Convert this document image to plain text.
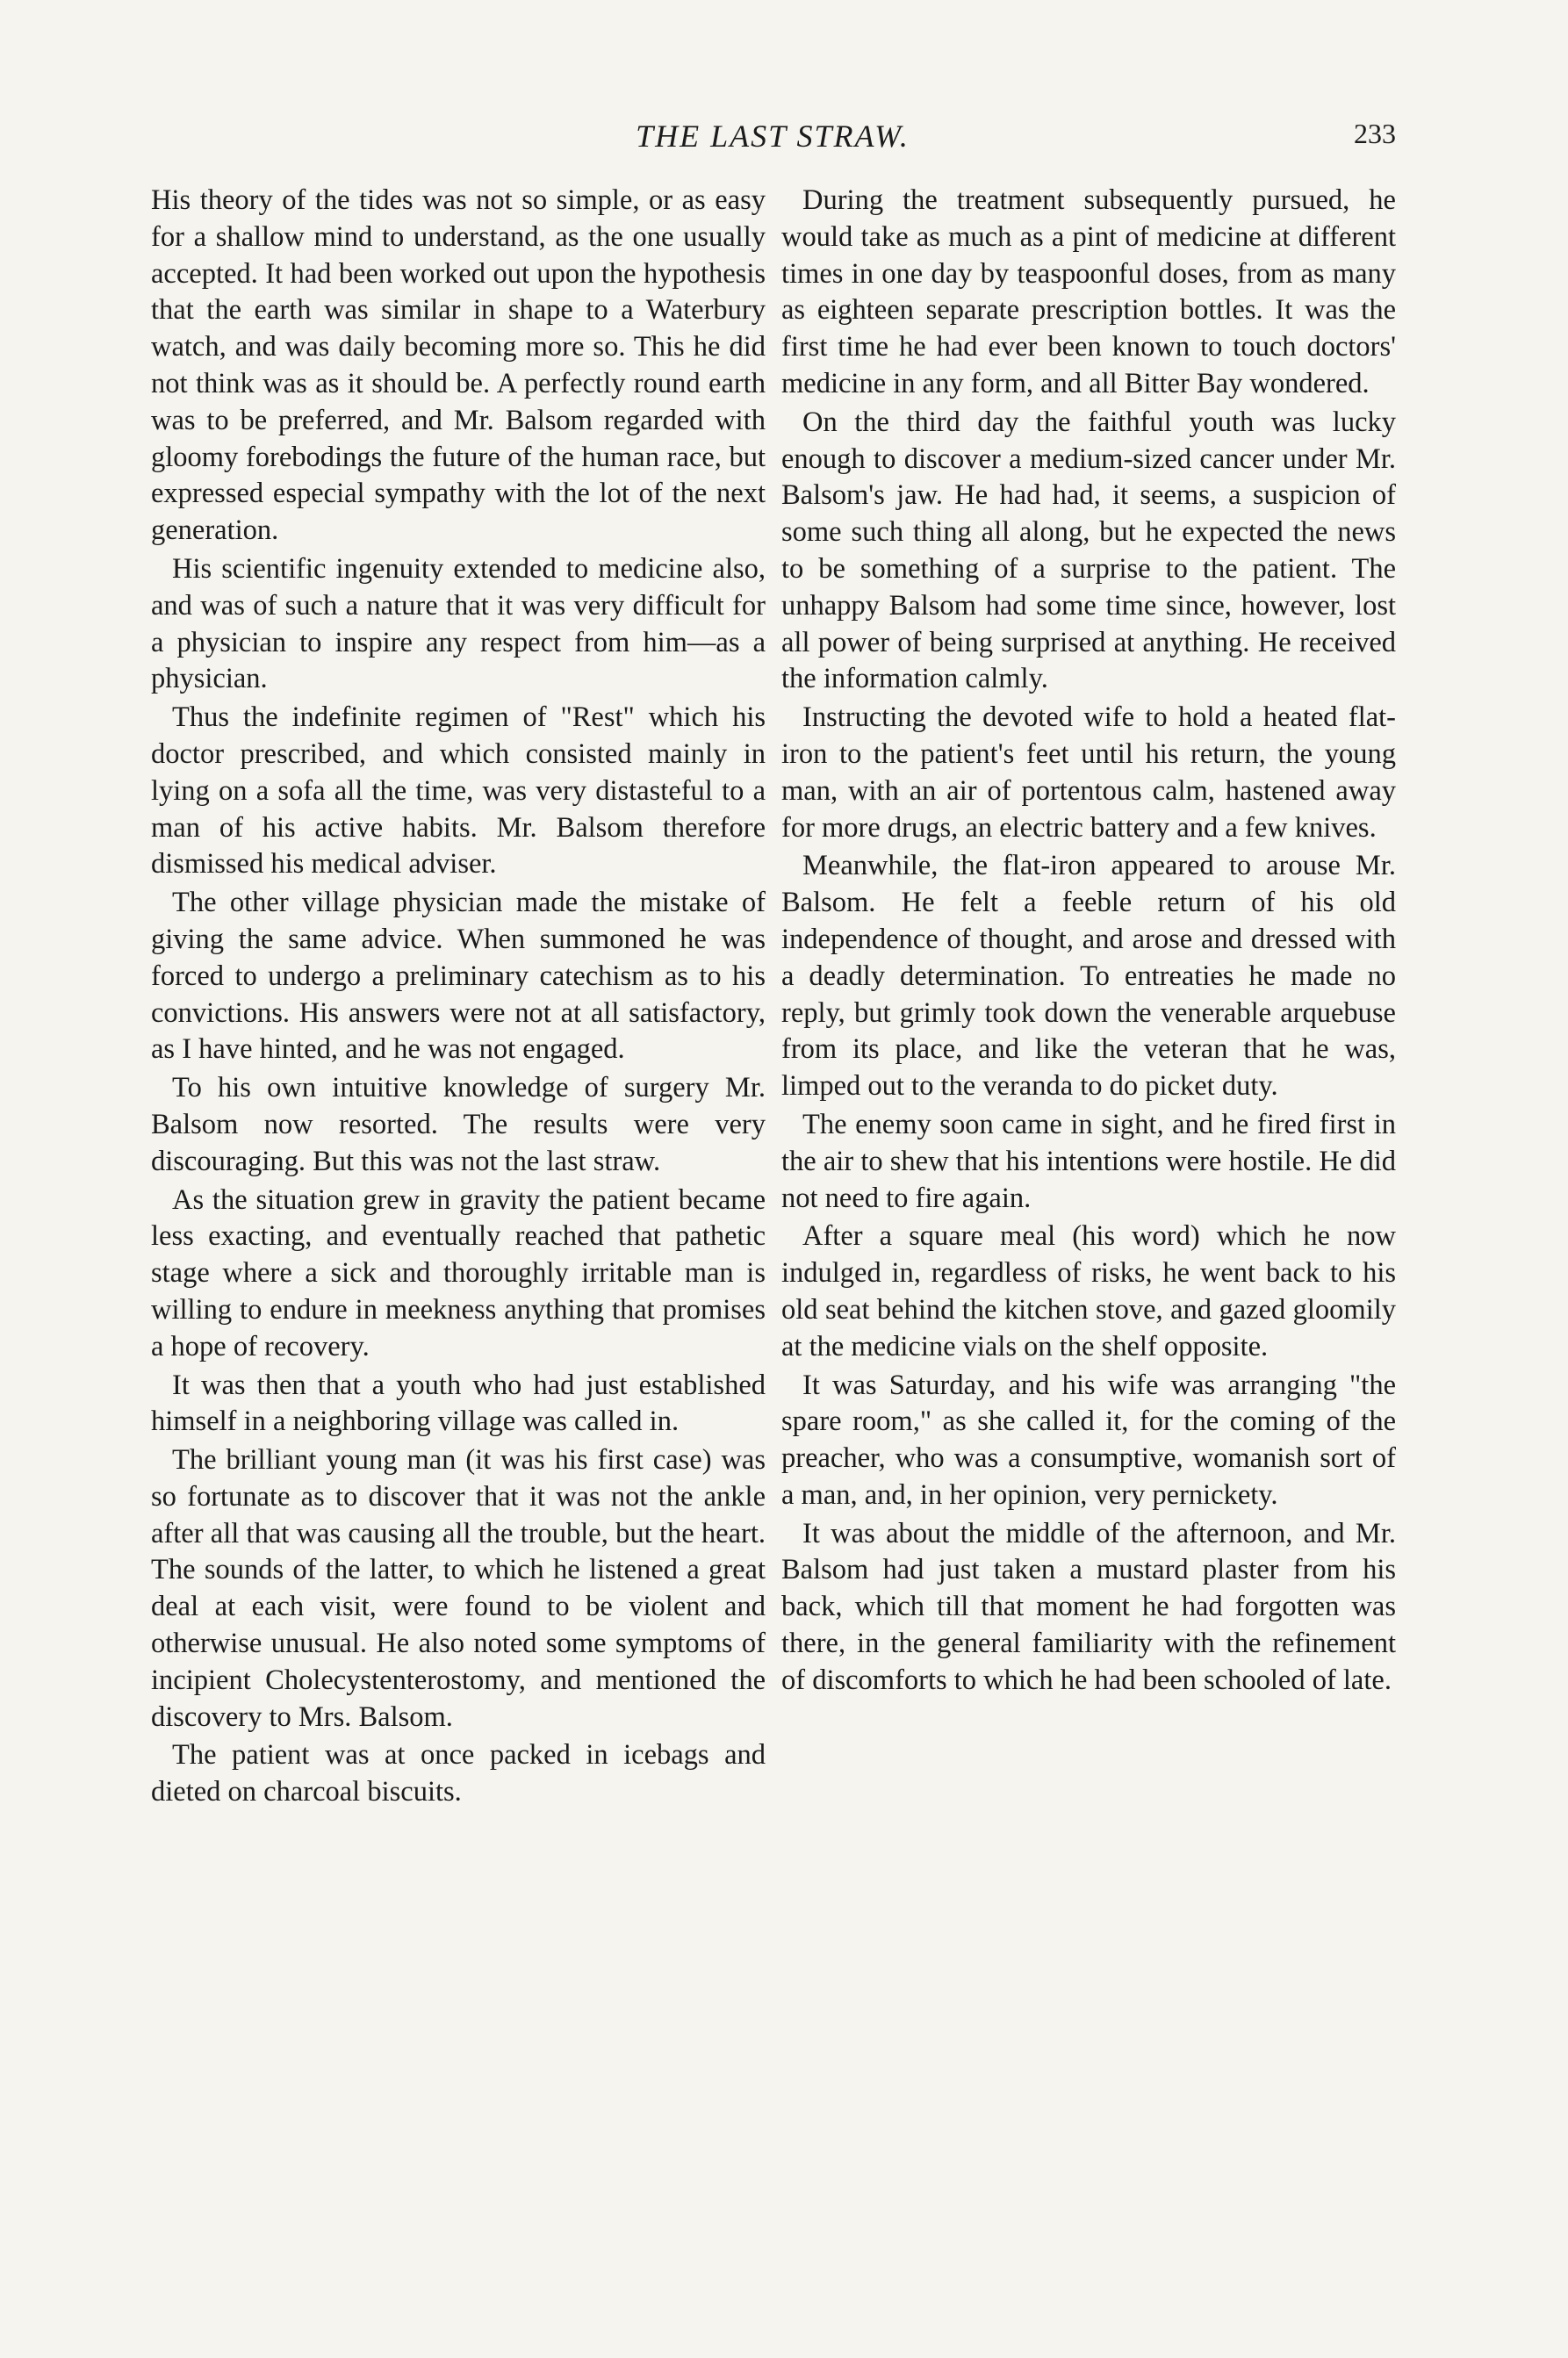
THE LAST STRAW.	233

His theory of the tides was not so simple, or as easy for a shallow mind to understand, as the one usually accepted. It had been worked out upon the hypothesis that the earth was similar in shape to a Waterbury watch, and was daily becoming more so. This he did not think was as it should be. A perfectly round earth was to be preferred, and Mr. Balsom regarded with gloomy forebodings the future of the human race, but expressed especial sympathy with the lot of the next generation.

His scientific ingenuity extended to medicine also, and was of such a nature that it was very difficult for a physician to inspire any respect from him—as a physician.

Thus the indefinite regimen of "Rest" which his doctor prescribed, and which consisted mainly in lying on a sofa all the time, was very distasteful to a man of his active habits. Mr. Balsom therefore dismissed his medical adviser.

The other village physician made the mistake of giving the same advice. When summoned he was forced to undergo a preliminary catechism as to his convictions. His answers were not at all satisfactory, as I have hinted, and he was not engaged.

To his own intuitive knowledge of surgery Mr. Balsom now resorted. The results were very discouraging. But this was not the last straw.

As the situation grew in gravity the patient became less exacting, and eventually reached that pathetic stage where a sick and thoroughly irritable man is willing to endure in meekness anything that promises a hope of recovery.

It was then that a youth who had just established himself in a neighboring village was called in.

The brilliant young man (it was his first case) was so fortunate as to discover that it was not the ankle after all that was causing all the trouble, but the heart. The sounds of the latter, to which he listened a great deal at each visit, were found to be violent and otherwise unusual. He also noted some symptoms of incipient Cholecystenterostomy, and mentioned the discovery to Mrs. Balsom.

The patient was at once packed in icebags and dieted on charcoal biscuits.

During the treatment subsequently pursued, he would take as much as a pint of medicine at different times in one day by teaspoonful doses, from as many as eighteen separate prescription bottles. It was the first time he had ever been known to touch doctors' medicine in any form, and all Bitter Bay wondered.

On the third day the faithful youth was lucky enough to discover a medium-sized cancer under Mr. Balsom's jaw. He had had, it seems, a suspicion of some such thing all along, but he expected the news to be something of a surprise to the patient. The unhappy Balsom had some time since, however, lost all power of being surprised at anything. He received the information calmly.

Instructing the devoted wife to hold a heated flat-iron to the patient's feet until his return, the young man, with an air of portentous calm, hastened away for more drugs, an electric battery and a few knives.

Meanwhile, the flat-iron appeared to arouse Mr. Balsom. He felt a feeble return of his old independence of thought, and arose and dressed with a deadly determination. To entreaties he made no reply, but grimly took down the venerable arquebuse from its place, and like the veteran that he was, limped out to the veranda to do picket duty.

The enemy soon came in sight, and he fired first in the air to shew that his intentions were hostile. He did not need to fire again.

After a square meal (his word) which he now indulged in, regardless of risks, he went back to his old seat behind the kitchen stove, and gazed gloomily at the medicine vials on the shelf opposite.

It was Saturday, and his wife was arranging "the spare room," as she called it, for the coming of the preacher, who was a consumptive, womanish sort of a man, and, in her opinion, very pernickety.

It was about the middle of the afternoon, and Mr. Balsom had just taken a mustard plaster from his back, which till that moment he had forgotten was there, in the general familiarity with the refinement of discomforts to which he had been schooled of late.
